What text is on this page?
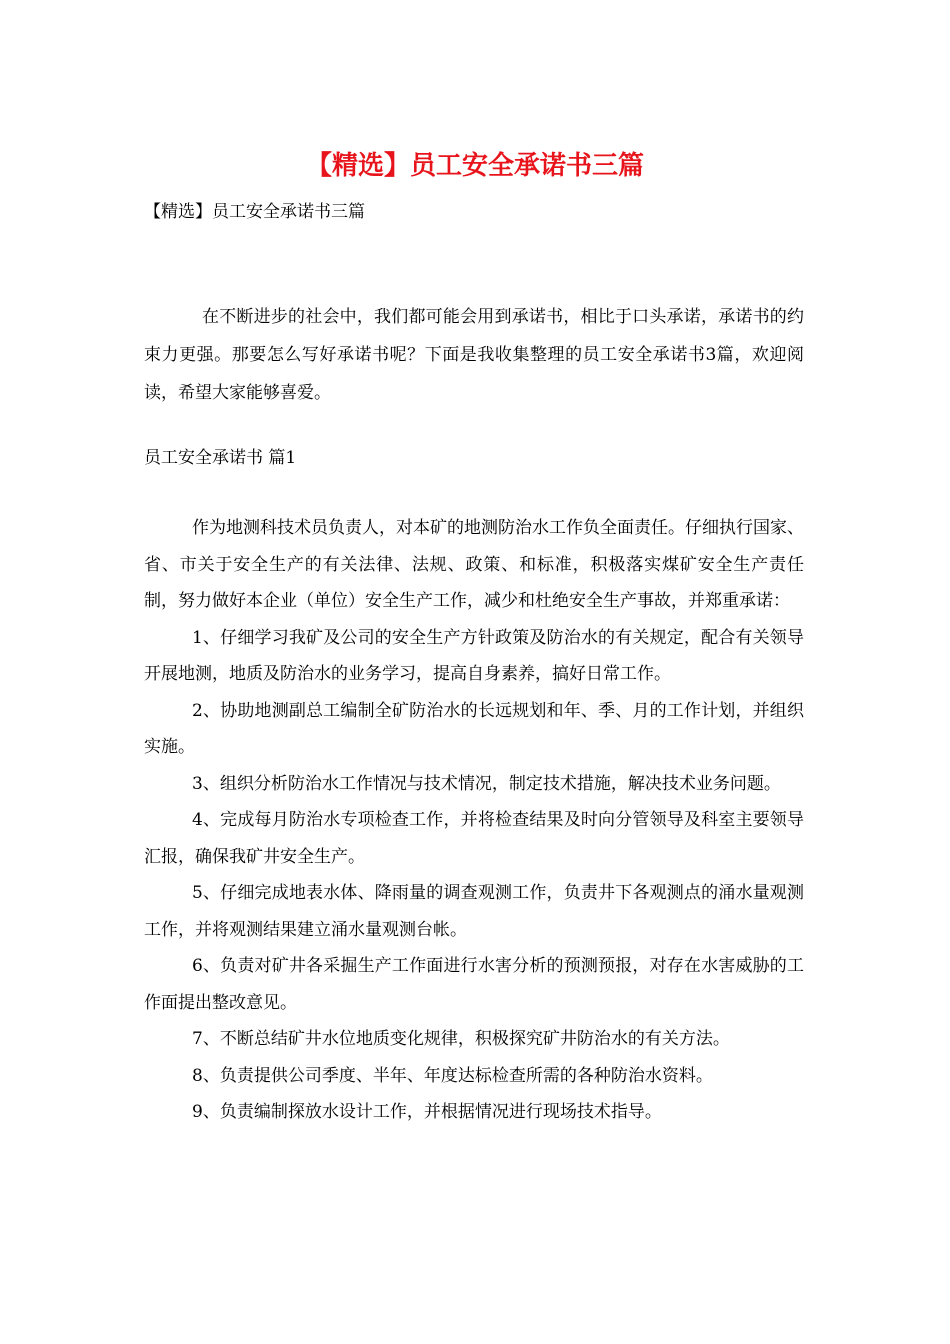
【精选】员工安全承诺书三篇
【精选】员工安全承诺书三篇
在不断进步的社会中，我们都可能会用到承诺书，相比于口头承诺，承诺书的约束力更强。那要怎么写好承诺书呢？下面是我收集整理的员工安全承诺书3篇，欢迎阅读，希望大家能够喜爱。
员工安全承诺书 篇1

作为地测科技术员负责人，对本矿的地测防治水工作负全面责任。仔细执行国家、省、市关于安全生产的有关法律、法规、政策、和标准，积极落实煤矿安全生产责任制，努力做好本企业（单位）安全生产工作，减少和杜绝安全生产事故，并郑重承诺：

1、仔细学习我矿及公司的安全生产方针政策及防治水的有关规定，配合有关领导开展地测，地质及防治水的业务学习，提高自身素养，搞好日常工作。

2、协助地测副总工编制全矿防治水的长远规划和年、季、月的工作计划，并组织实施。

3、组织分析防治水工作情况与技术情况，制定技术措施，解决技术业务问题。

4、完成每月防治水专项检查工作，并将检查结果及时向分管领导及科室主要领导汇报，确保我矿井安全生产。

5、仔细完成地表水体、降雨量的调查观测工作，负责井下各观测点的涌水量观测工作，并将观测结果建立涌水量观测台帐。

6、负责对矿井各采掘生产工作面进行水害分析的预测预报，对存在水害威胁的工作面提出整改意见。

7、不断总结矿井水位地质变化规律，积极探究矿井防治水的有关方法。

8、负责提供公司季度、半年、年度达标检查所需的各种防治水资料。

9、负责编制探放水设计工作，并根据情况进行现场技术指导。
